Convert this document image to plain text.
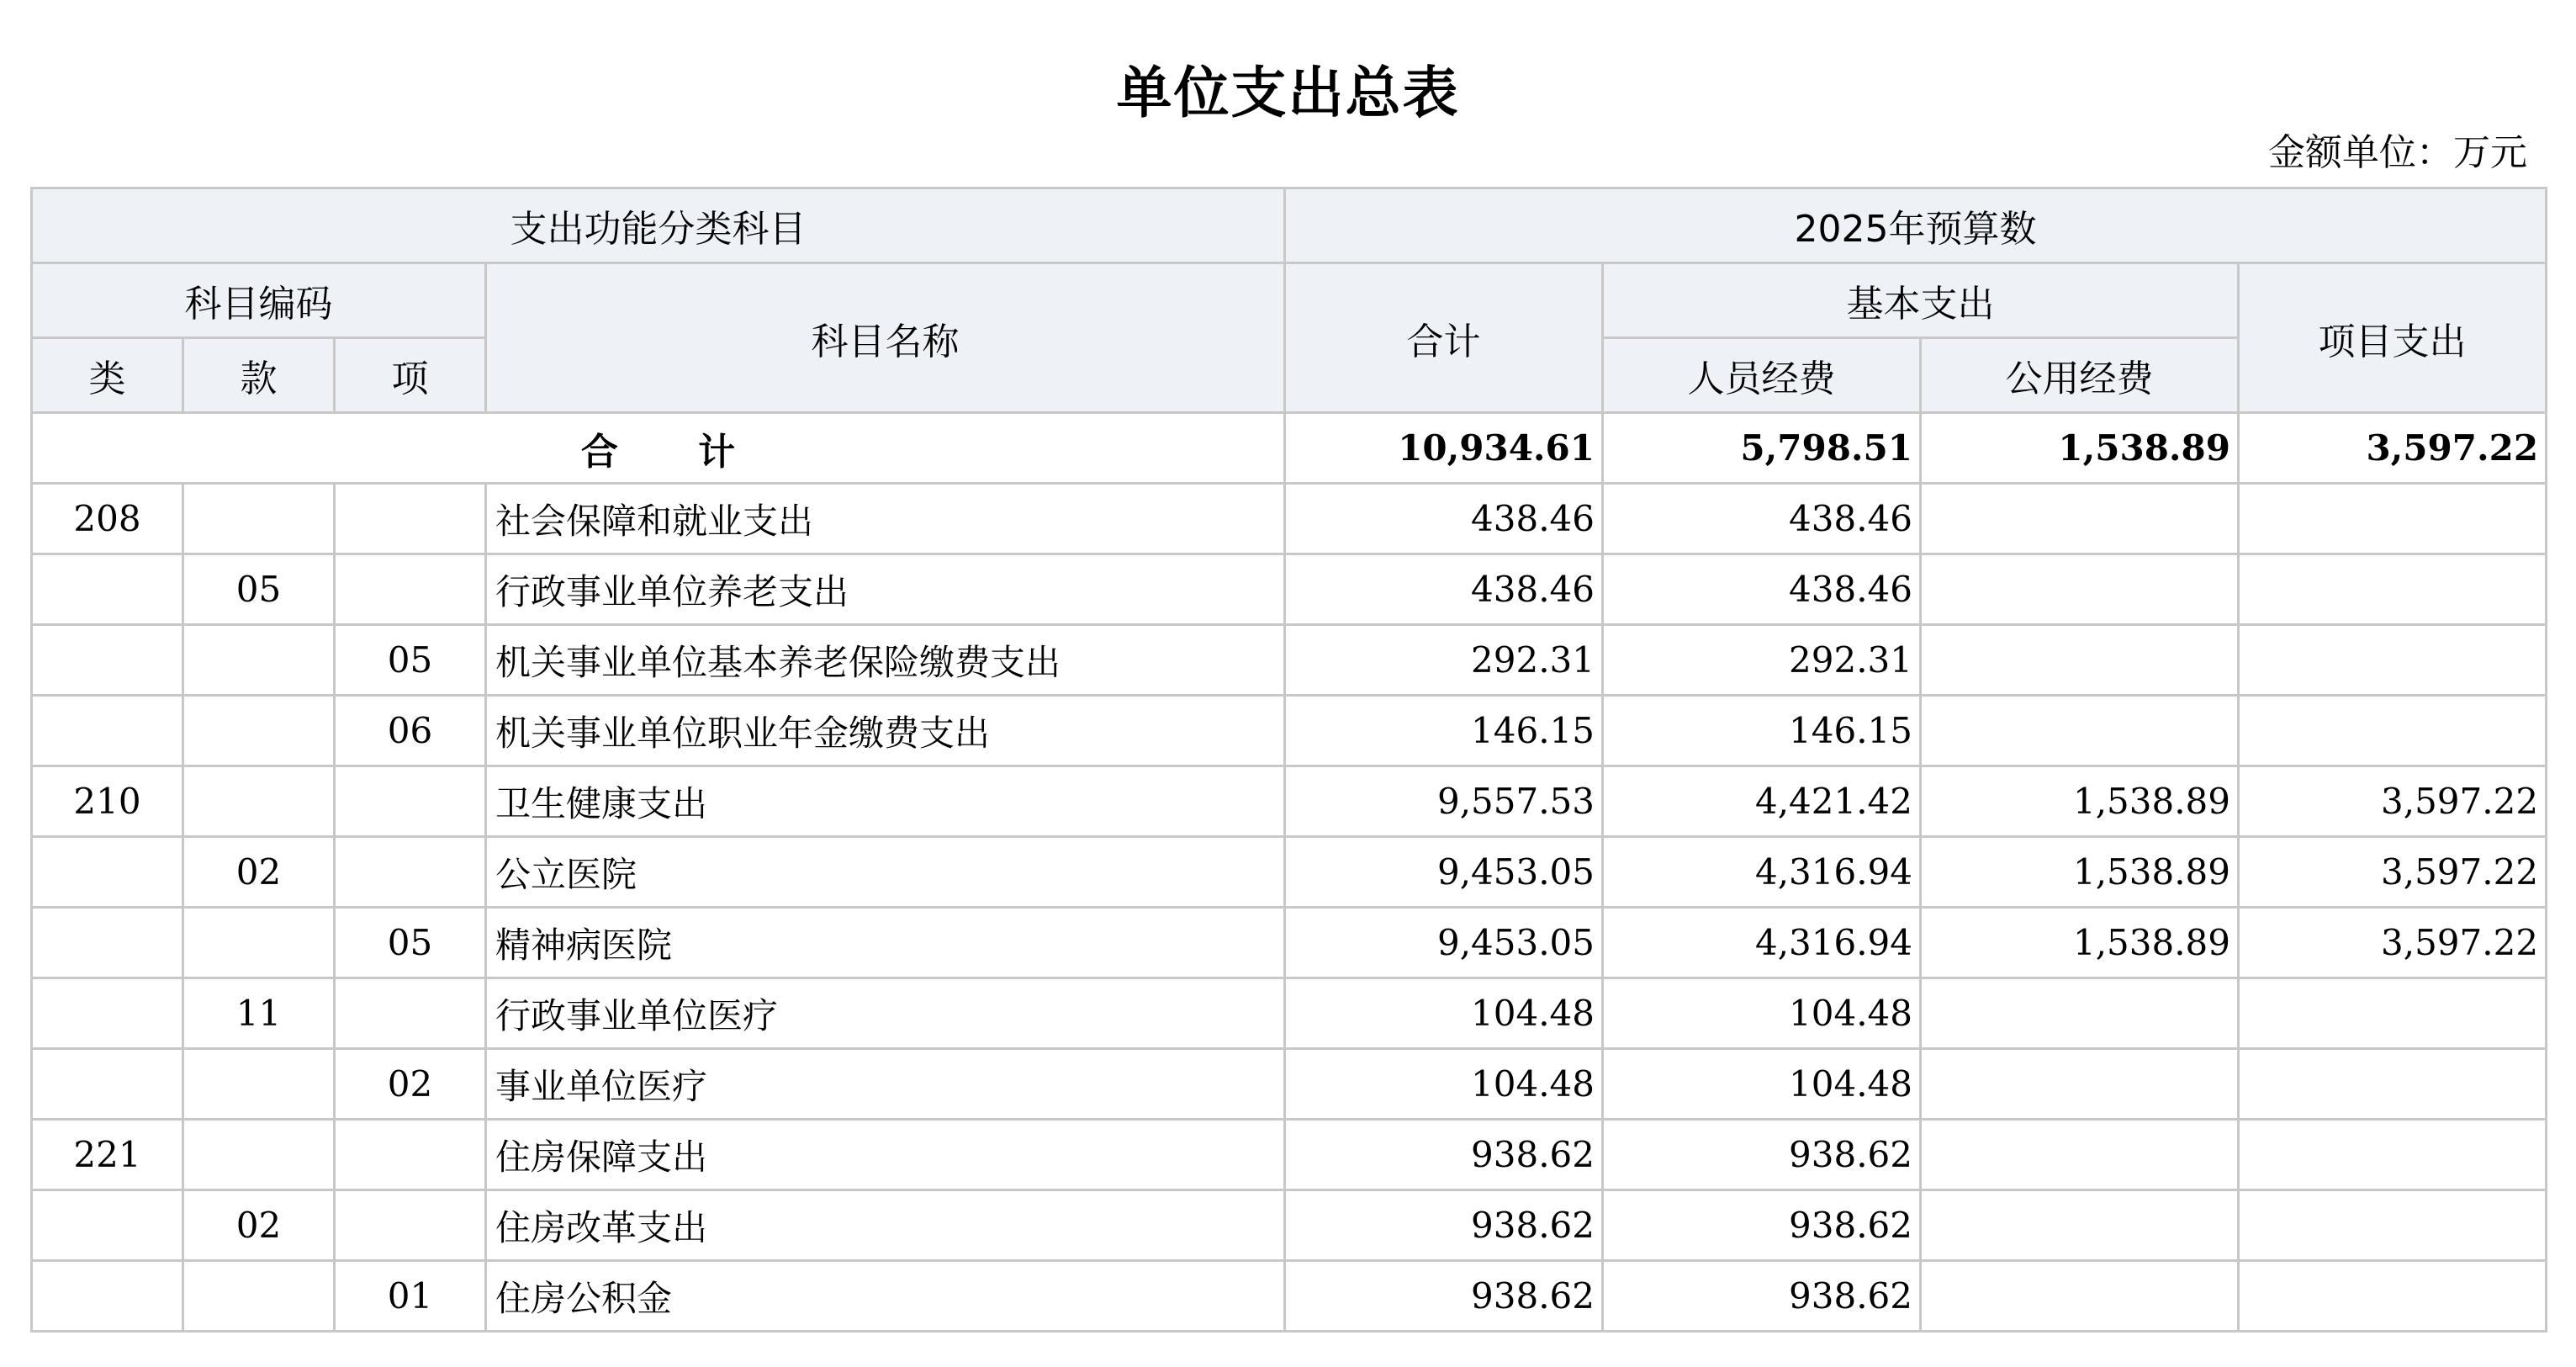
单位支出总表
金额单位：万元
支出功能分类科目				2025年预算数			
科目编码			科目名称	合计	基本支出		项目支出
类	款	项			人员经费	公用经费	
合 计				10,934.61	5,798.51	1,538.89	3,597.22
208			社会保障和就业支出	438.46	438.46		
	05		行政事业单位养老支出	438.46	438.46		
		05	机关事业单位基本养老保险缴费支出	292.31	292.31		
		06	机关事业单位职业年金缴费支出	146.15	146.15		
210			卫生健康支出	9,557.53	4,421.42	1,538.89	3,597.22
	02		公立医院	9,453.05	4,316.94	1,538.89	3,597.22
		05	精神病医院	9,453.05	4,316.94	1,538.89	3,597.22
	11		行政事业单位医疗	104.48	104.48		
		02	事业单位医疗	104.48	104.48		
221			住房保障支出	938.62	938.62		
	02		住房改革支出	938.62	938.62		
		01	住房公积金	938.62	938.62		
